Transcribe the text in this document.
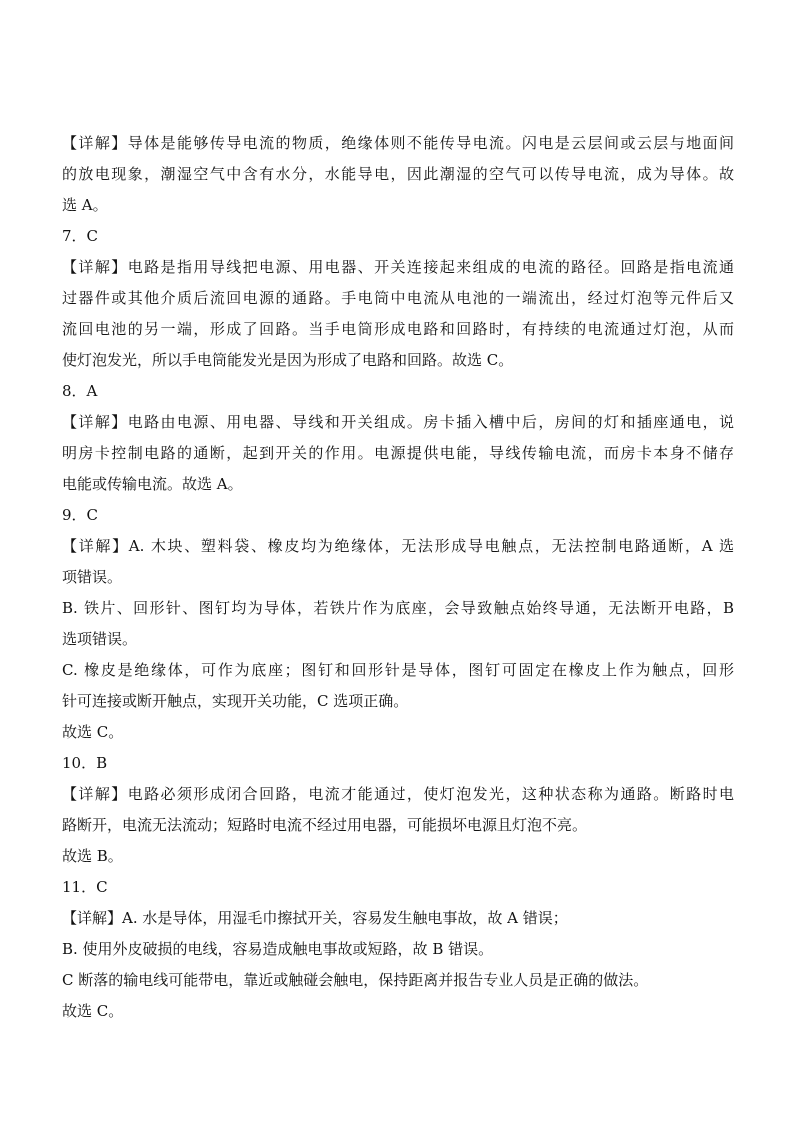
【详解】导体是能够传导电流的物质，绝缘体则不能传导电流。闪电是云层间或云层与地面间
的放电现象，潮湿空气中含有水分，水能导电，因此潮湿的空气可以传导电流，成为导体。故
选 A。
7．C
【详解】电路是指用导线把电源、用电器、开关连接起来组成的电流的路径。回路是指电流通
过器件或其他介质后流回电源的通路。手电筒中电流从电池的一端流出，经过灯泡等元件后又
流回电池的另一端，形成了回路。当手电筒形成电路和回路时，有持续的电流通过灯泡，从而
使灯泡发光，所以手电筒能发光是因为形成了电路和回路。故选 C。
8．A
【详解】电路由电源、用电器、导线和开关组成。房卡插入槽中后，房间的灯和插座通电，说
明房卡控制电路的通断，起到开关的作用。电源提供电能，导线传输电流，而房卡本身不储存
电能或传输电流。故选 A。
9．C
【详解】A. 木块、塑料袋、橡皮均为绝缘体，无法形成导电触点，无法控制电路通断，A 选
项错误。
B. 铁片、回形针、图钉均为导体，若铁片作为底座，会导致触点始终导通，无法断开电路，B
选项错误。
C. 橡皮是绝缘体，可作为底座；图钉和回形针是导体，图钉可固定在橡皮上作为触点，回形
针可连接或断开触点，实现开关功能，C 选项正确。
故选 C。
10．B
【详解】电路必须形成闭合回路，电流才能通过，使灯泡发光，这种状态称为通路。断路时电
路断开，电流无法流动；短路时电流不经过用电器，可能损坏电源且灯泡不亮。
故选 B。
11．C
【详解】A. 水是导体，用湿毛巾擦拭开关，容易发生触电事故，故 A 错误；
B. 使用外皮破损的电线，容易造成触电事故或短路，故 B 错误。
C 断落的输电线可能带电，靠近或触碰会触电，保持距离并报告专业人员是正确的做法。
故选 C。
